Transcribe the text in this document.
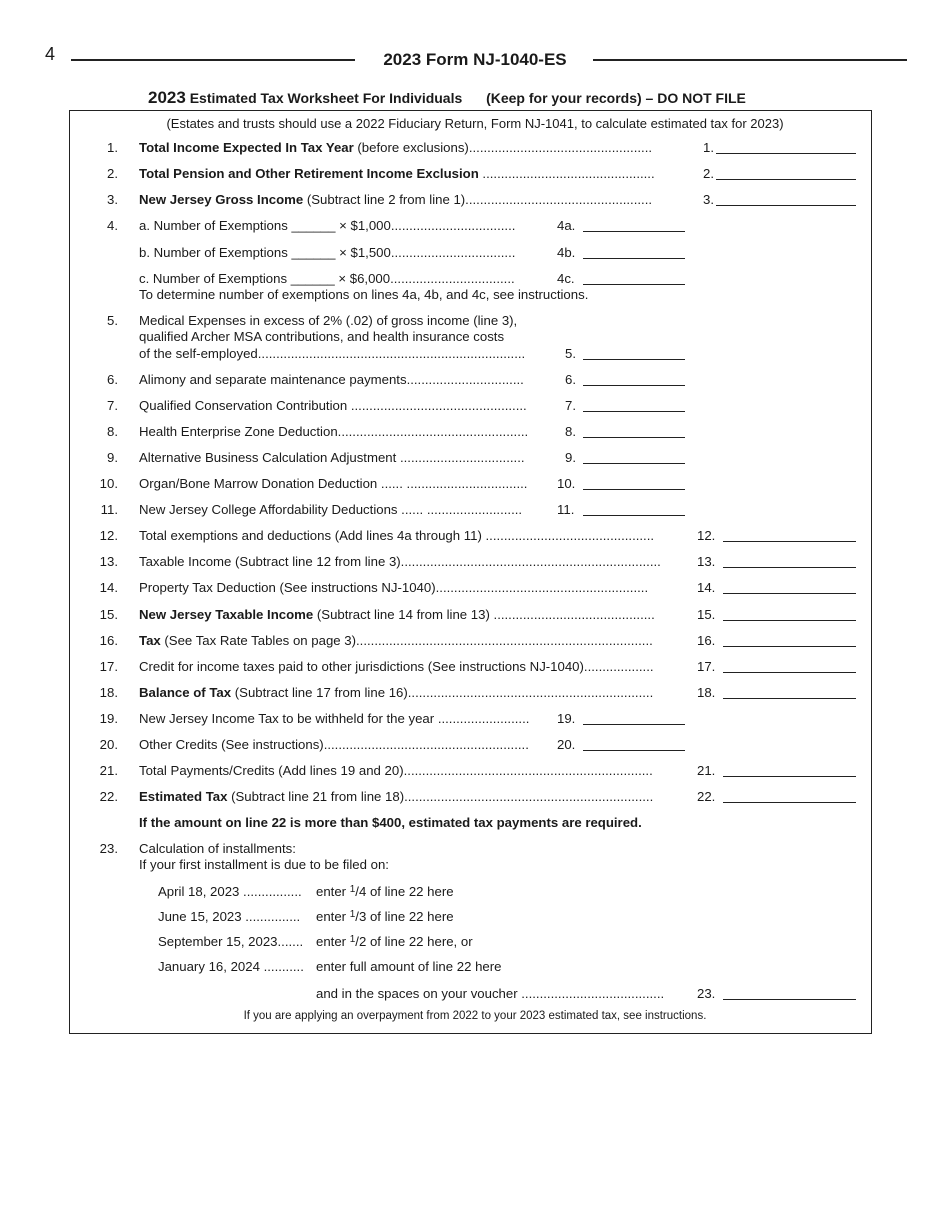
4	2023 Form NJ-1040-ES
2023 Estimated Tax Worksheet For Individuals (Keep for your records) – DO NOT FILE
(Estates and trusts should use a 2022 Fiduciary Return, Form NJ-1041, to calculate estimated tax for 2023)
1. Total Income Expected In Tax Year (before exclusions)..................................................	1.
2. Total Pension and Other Retirement Income Exclusion ...............................................	2.
3. New Jersey Gross Income (Subtract line 2 from line 1)...................................................	3.
4. a. Number of Exemptions ______ × $1,000..................................	4a.
b. Number of Exemptions ______ × $1,500..................................	4b.
c. Number of Exemptions ______ × $6,000..................................	4c.
To determine number of exemptions on lines 4a, 4b, and 4c, see instructions.
5. Medical Expenses in excess of 2% (.02) of gross income (line 3),
qualified Archer MSA contributions, and health insurance costs
of the self-employed.........................................................................	5.
6. Alimony and separate maintenance payments................................	6.
7. Qualified Conservation Contribution ................................................	7.
8. Health Enterprise Zone Deduction....................................................	8.
9. Alternative Business Calculation Adjustment ..................................	9.
10. Organ/Bone Marrow Donation Deduction ...... .................................	10.
11. New Jersey College Affordability Deductions ...... ..........................	11.
12. Total exemptions and deductions (Add lines 4a through 11) ..............................................	12.
13. Taxable Income (Subtract line 12 from line 3).......................................................................	13.
14. Property Tax Deduction (See instructions NJ-1040)..........................................................	14.
15. New Jersey Taxable Income (Subtract line 14 from line 13) ............................................	15.
16. Tax (See Tax Rate Tables on page 3).................................................................................	16.
17. Credit for income taxes paid to other jurisdictions (See instructions NJ-1040)...................	17.
18. Balance of Tax (Subtract line 17 from line 16)...................................................................	18.
19. New Jersey Income Tax to be withheld for the year .........................	19.
20. Other Credits (See instructions)........................................................	20.
21. Total Payments/Credits (Add lines 19 and 20)....................................................................	21.
22. Estimated Tax (Subtract line 21 from line 18)....................................................................	22.
If the amount on line 22 is more than $400, estimated tax payments are required.
23. Calculation of installments:
If your first installment is due to be filed on:
April 18, 2023 ................ enter $^1$/4 of line 22 here
June 15, 2023 ............... enter $^1$/3 of line 22 here
September 15, 2023....... enter $^1$/2 of line 22 here, or
January 16, 2024 ........... enter full amount of line 22 here
and in the spaces on your voucher .......................................	23.
If you are applying an overpayment from 2022 to your 2023 estimated tax, see instructions.
